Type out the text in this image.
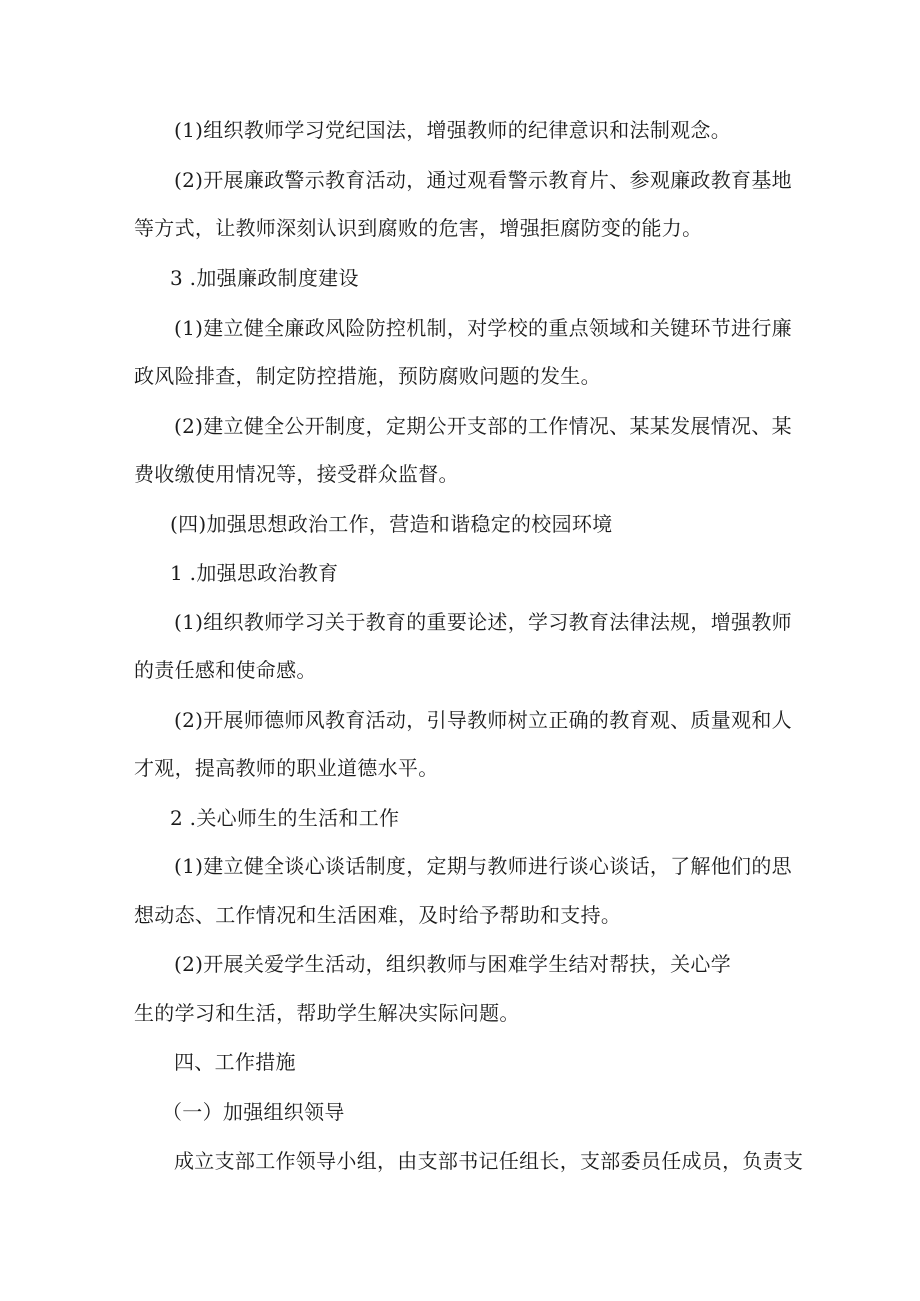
(1)组织教师学习党纪国法，增强教师的纪律意识和法制观念。
(2)开展廉政警示教育活动，通过观看警示教育片、参观廉政教育基地
等方式，让教师深刻认识到腐败的危害，增强拒腐防变的能力。
3 .加强廉政制度建设
(1)建立健全廉政风险防控机制，对学校的重点领域和关键环节进行廉
政风险排查，制定防控措施，预防腐败问题的发生。
(2)建立健全公开制度，定期公开支部的工作情况、某某发展情况、某
费收缴使用情况等，接受群众监督。
(四)加强思想政治工作，营造和谐稳定的校园环境
1 .加强思政治教育
(1)组织教师学习关于教育的重要论述，学习教育法律法规，增强教师
的责任感和使命感。
(2)开展师德师风教育活动，引导教师树立正确的教育观、质量观和人
才观，提高教师的职业道德水平。
2 .关心师生的生活和工作
(1)建立健全谈心谈话制度，定期与教师进行谈心谈话，了解他们的思
想动态、工作情况和生活困难，及时给予帮助和支持。
(2)开展关爱学生活动，组织教师与困难学生结对帮扶，关心学
生的学习和生活，帮助学生解决实际问题。
四、工作措施
（一）加强组织领导
成立支部工作领导小组，由支部书记任组长，支部委员任成员，负责支
